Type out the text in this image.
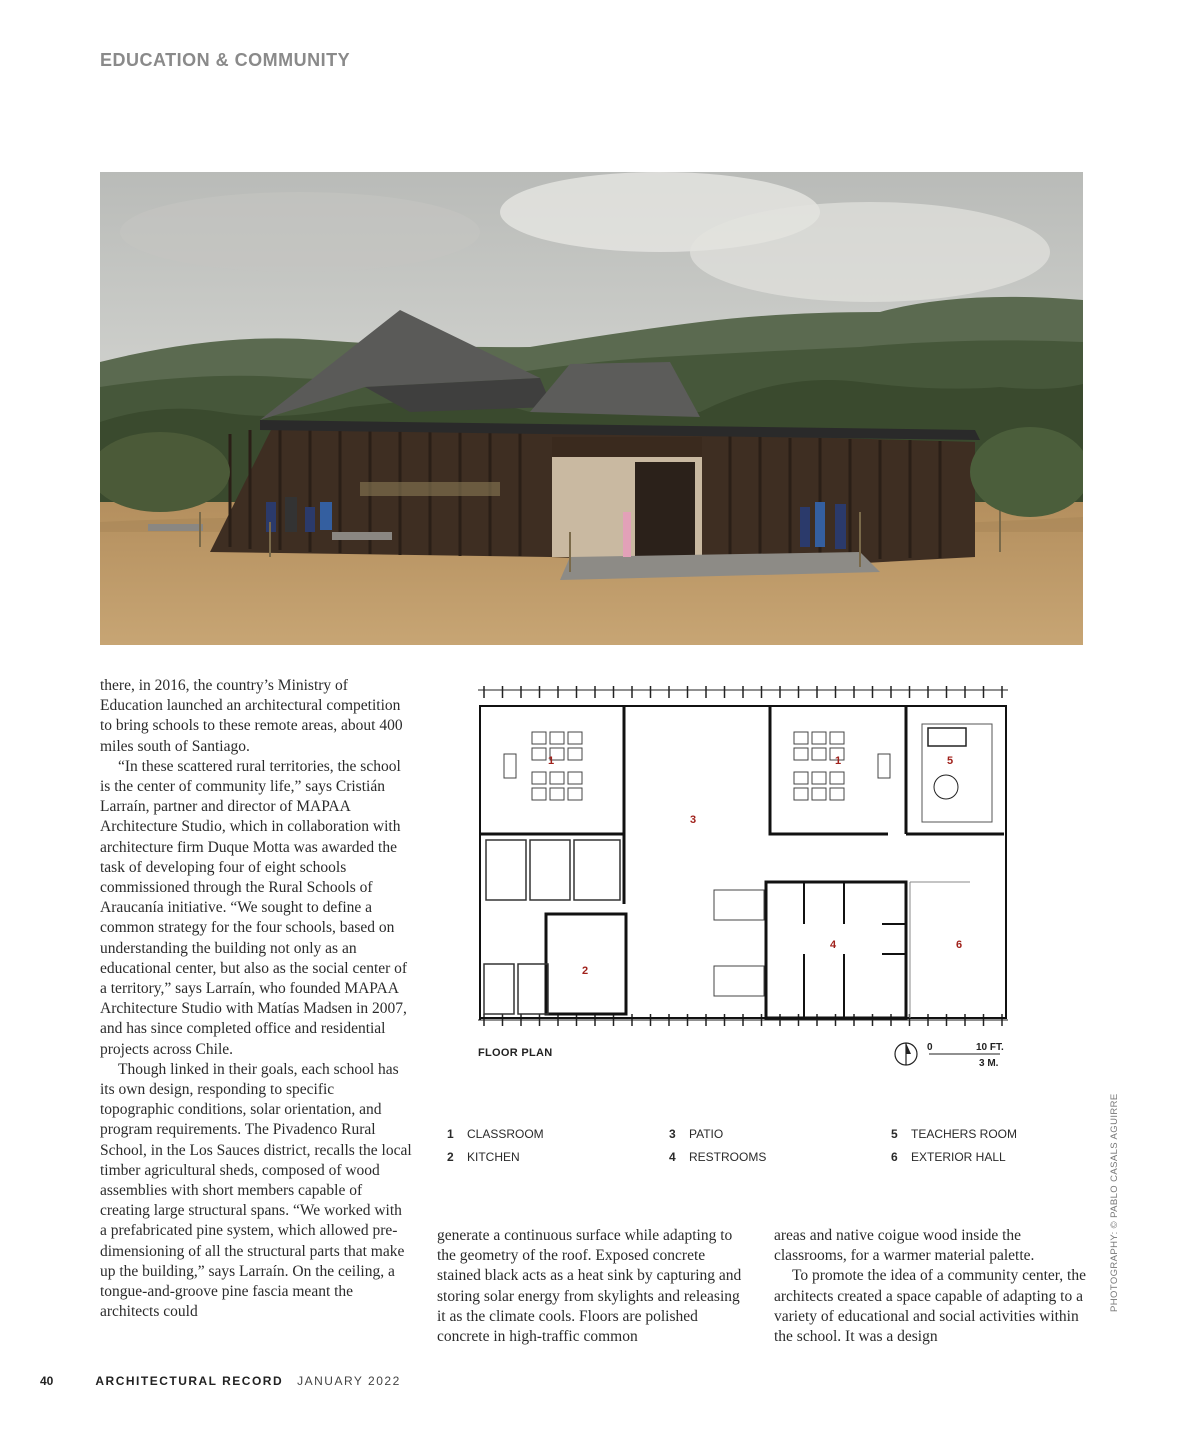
EDUCATION & COMMUNITY

there, in 2016, the country’s Ministry of Education launched an architectural competition to bring schools to these remote areas, about 400 miles south of Santiago.

“In these scattered rural territories, the school is the center of community life,” says Cristián Larraín, partner and director of MAPAA Architecture Studio, which in collaboration with architecture firm Duque Motta was awarded the task of developing four of eight schools commissioned through the Rural Schools of Araucanía initiative. “We sought to define a common strategy for the four schools, based on understanding the building not only as an educational center, but also as the social center of a territory,” says Larraín, who founded MAPAA Architecture Studio with Matías Madsen in 2007, and has since completed office and residential projects across Chile.

Though linked in their goals, each school has its own design, responding to specific topographic conditions, solar orientation, and program requirements. The Pivadenco Rural School, in the Los Sauces district, recalls the local timber agricultural sheds, composed of wood assemblies with short members capable of creating large structural spans. “We worked with a prefabricated pine system, which allowed pre-dimensioning of all the structural parts that make up the building,” says Larraín. On the ceiling, a tongue-and-groove pine fascia meant the architects could

1	1
2
3
4
5
6
0	10 FT.
3 M.
FLOOR PLAN
1 CLASSROOM
2 KITCHEN
3 PATIO
4 RESTROOMS
5 TEACHERS ROOM
6 EXTERIOR HALL

generate a continuous surface while adapting to the geometry of the roof. Exposed concrete stained black acts as a heat sink by capturing and storing solar energy from skylights and releasing it as the climate cools. Floors are polished concrete in high-traffic common

areas and native coigue wood inside the classrooms, for a warmer material palette.

To promote the idea of a community center, the architects created a space capable of adapting to a variety of educational and social activities within the school. It was a design

PHOTOGRAPHY: © PABLO CASALS AGUIRRE
40	ARCHITECTURAL RECORD JANUARY 2022
